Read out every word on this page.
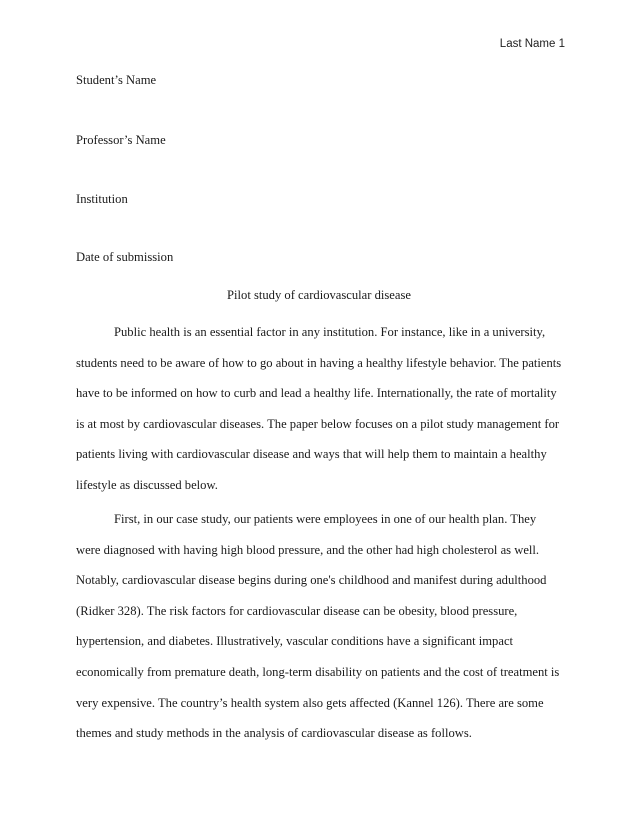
Last Name 1
Student’s Name
Professor’s Name
Institution
Date of submission
Pilot study of cardiovascular disease
Public health is an essential factor in any institution. For instance, like in a university,
students need to be aware of how to go about in having a healthy lifestyle behavior. The patients
have to be informed on how to curb and lead a healthy life. Internationally, the rate of mortality
is at most by cardiovascular diseases. The paper below focuses on a pilot study management for
patients living with cardiovascular disease and ways that will help them to maintain a healthy
lifestyle as discussed below.
First, in our case study, our patients were employees in one of our health plan. They
were diagnosed with having high blood pressure, and the other had high cholesterol as well.
Notably, cardiovascular disease begins during one's childhood and manifest during adulthood
(Ridker 328). The risk factors for cardiovascular disease can be obesity, blood pressure,
hypertension, and diabetes. Illustratively, vascular conditions have a significant impact
economically from premature death, long-term disability on patients and the cost of treatment is
very expensive. The country’s health system also gets affected (Kannel 126). There are some
themes and study methods in the analysis of cardiovascular disease as follows.
